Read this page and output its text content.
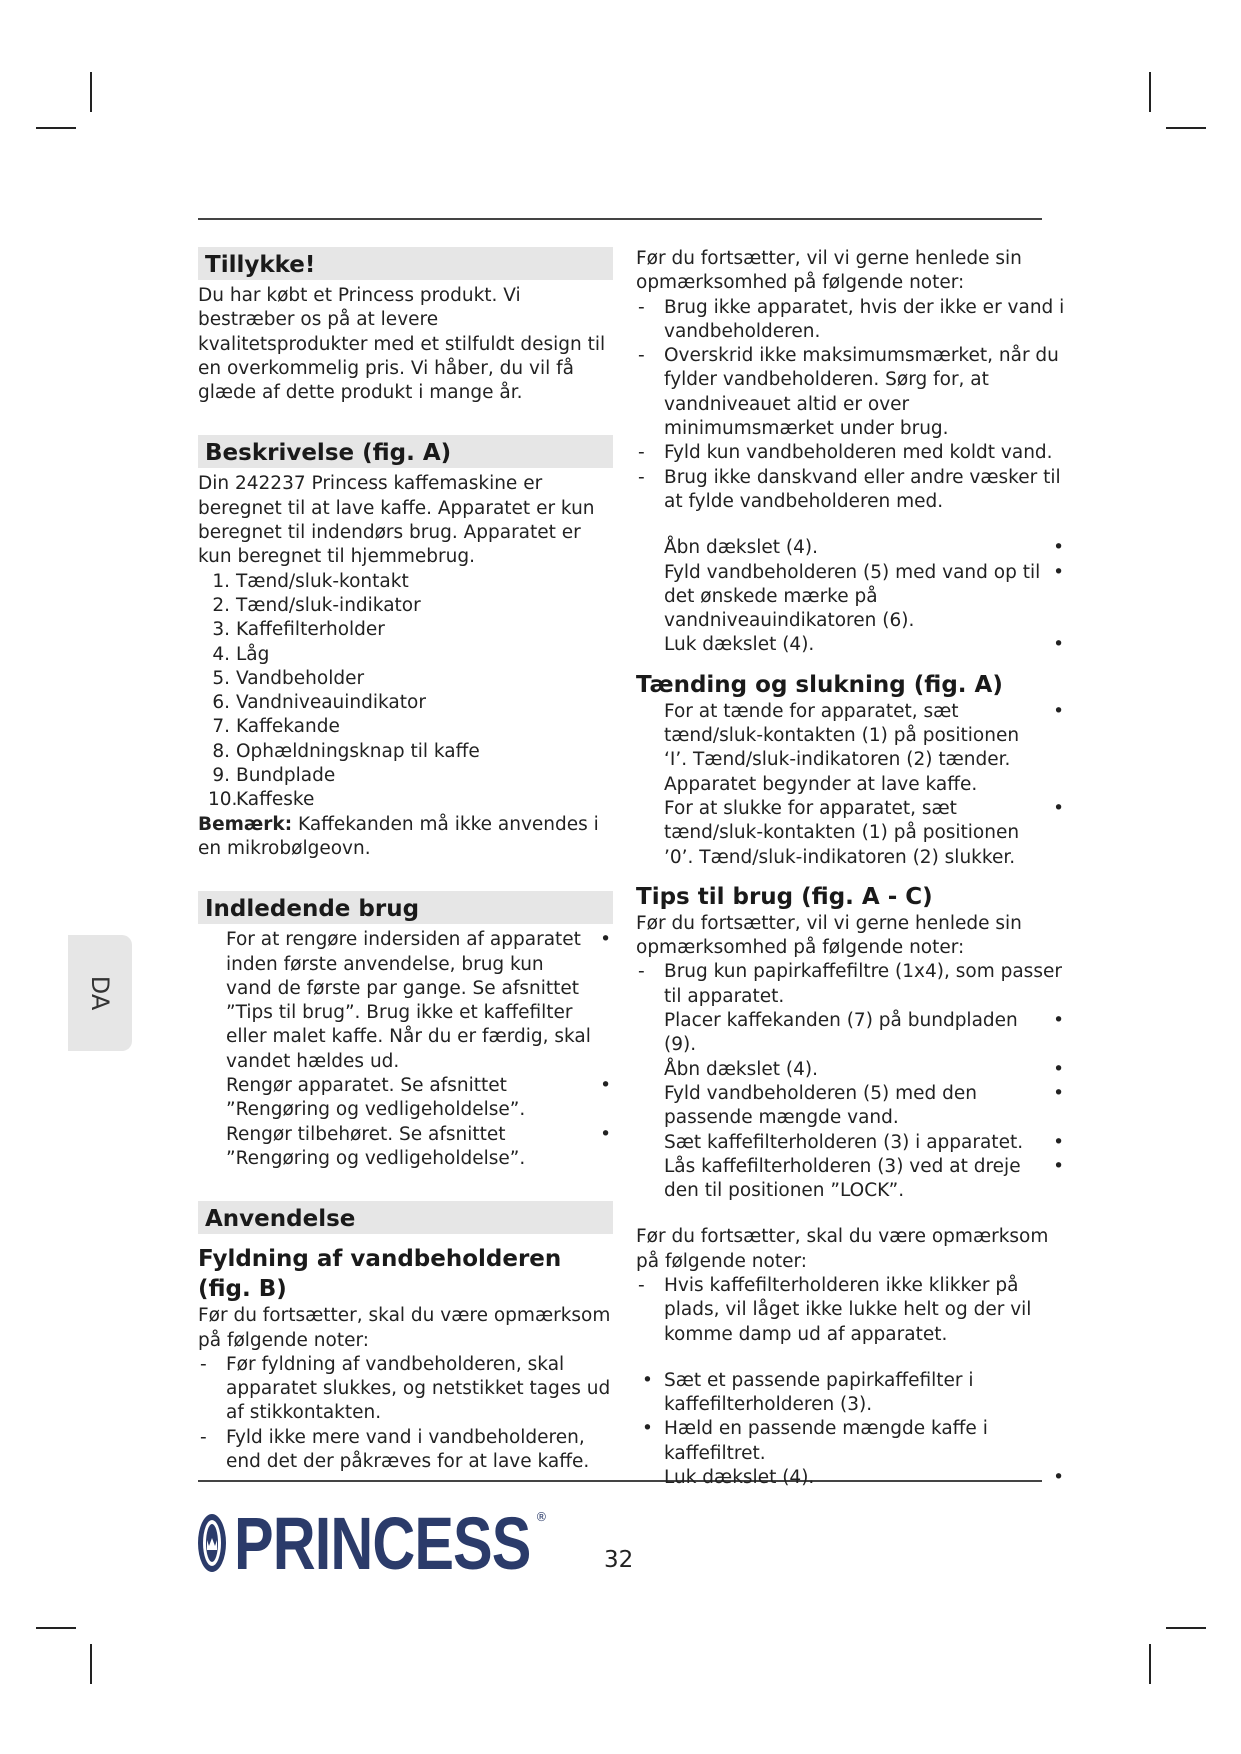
DA
Tillykke!

Du har købt et Princess produkt. Vi bestræber os på at levere kvalitetsprodukter med et stilfuldt design til en overkommelig pris. Vi håber, du vil få glæde af dette produkt i mange år.

Beskrivelse (fig. A)

Din 242237 Princess kaffemaskine er beregnet til at lave kaffe. Apparatet er kun beregnet til indendørs brug. Apparatet er kun beregnet til hjemmebrug.

1. Tænd/sluk-kontakt
2. Tænd/sluk-indikator
3. Kaffefilterholder
4. Låg
5. Vandbeholder
6. Vandniveauindikator
7. Kaffekande
8. Ophældningsknap til kaffe
9. Bundplade
10.Kaffeske

Bemærk: Kaffekanden må ikke anvendes i en mikrobølgeovn.

Indledende brug
For at rengøre indersiden af apparatet inden første anvendelse, brug kun vand de første par gange. Se afsnittet ”Tips til brug”. Brug ikke et kaffefilter eller malet kaffe. Når du er færdig, skal vandet hældes ud.
•
Rengør apparatet. Se afsnittet ”Rengøring og vedligeholdelse”.
•
Rengør tilbehøret. Se afsnittet ”Rengøring og vedligeholdelse”.
•
Anvendelse
Fyldning af vandbeholderen (fig. B)

Før du fortsætter, skal du være opmærksom på følgende noter:

- Før fyldning af vandbeholderen, skal apparatet slukkes, og netstikket tages ud af stikkontakten.
- Fyld ikke mere vand i vandbeholderen, end det der påkræves for at lave kaffe.

Før du fortsætter, vil vi gerne henlede sin opmærksomhed på følgende noter:

- Brug ikke apparatet, hvis der ikke er vand i vandbeholderen.
- Overskrid ikke maksimumsmærket, når du fylder vandbeholderen. Sørg for, at vandniveauet altid er over minimumsmærket under brug.
- Fyld kun vandbeholderen med koldt vand.
- Brug ikke danskvand eller andre væsker til at fylde vandbeholderen med.
Åbn dækslet (4).	•
Fyld vandbeholderen (5) med vand op til det ønskede mærke på vandniveauindikatoren (6).
•
Luk dækslet (4).	•
Tænding og slukning (fig. A)
For at tænde for apparatet, sæt tænd/sluk-kontakten (1) på positionen ‘I’. Tænd/sluk-indikatoren (2) tænder. Apparatet begynder at lave kaffe.
•
For at slukke for apparatet, sæt tænd/sluk-kontakten (1) på positionen ’0’. Tænd/sluk-indikatoren (2) slukker.
•
Tips til brug (fig. A - C)

Før du fortsætter, vil vi gerne henlede sin opmærksomhed på følgende noter:

- Brug kun papirkaffefiltre (1x4), som passer til apparatet.
Placer kaffekanden (7) på bundpladen (9).
•
Åbn dækslet (4).	•
Fyld vandbeholderen (5) med den passende mængde vand.
•
Sæt kaffefilterholderen (3) i apparatet. •
Lås kaffefilterholderen (3) ved at dreje den til positionen ”LOCK”.
•

Før du fortsætter, skal du være opmærksom på følgende noter:

- Hvis kaffefilterholderen ikke klikker på plads, vil låget ikke lukke helt og der vil komme damp ud af apparatet.
• Sæt et passende papirkaffefilter i kaffefilterholderen (3).
• Hæld en passende mængde kaffe i kaffefiltret.
Luk dækslet (4).	•
PRINCESS ®
32
